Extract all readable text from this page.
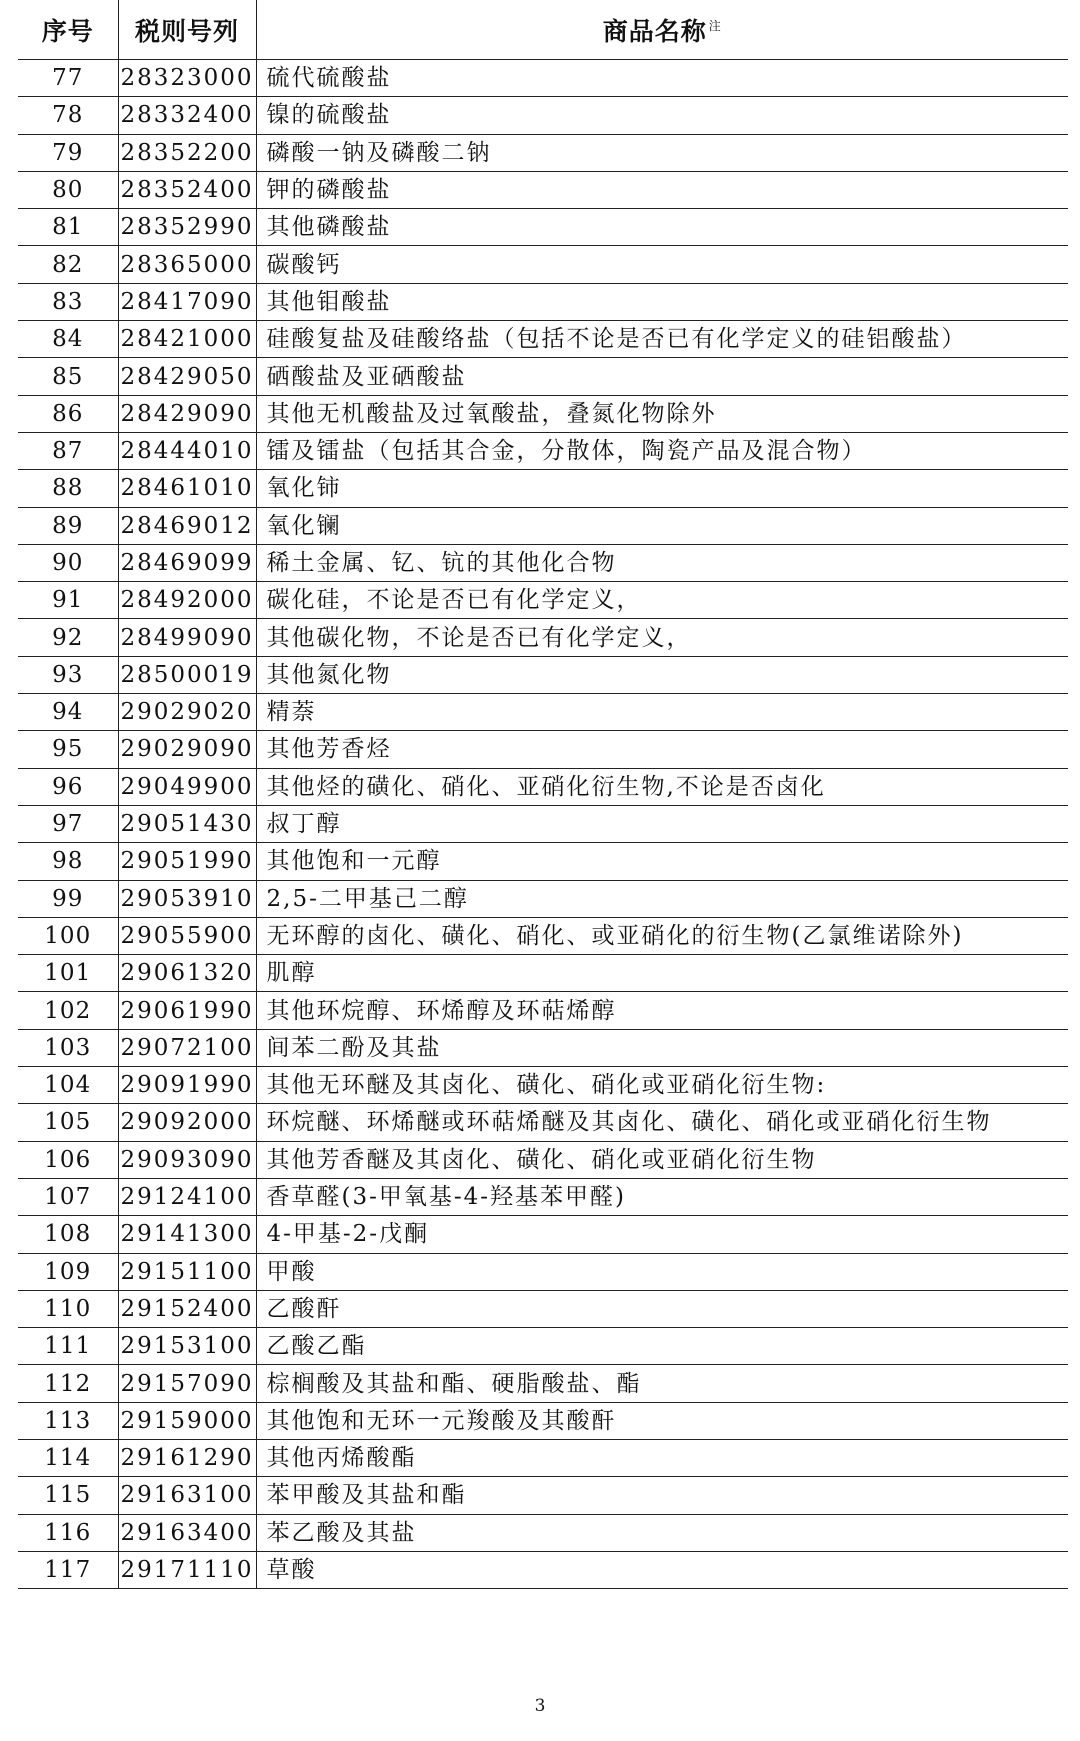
序号	税则号列	商品名称 $^注$
77	28323000	硫代硫酸盐
78	28332400	镍的硫酸盐
79	28352200	磷酸一钠及磷酸二钠
80	28352400	钾的磷酸盐
81	28352990	其他磷酸盐
82	28365000	碳酸钙
83	28417090	其他钼酸盐
84	28421000	硅酸复盐及硅酸络盐（包括不论是否已有化学定义的硅铝酸盐）
85	28429050	硒酸盐及亚硒酸盐
86	28429090	其他无机酸盐及过氧酸盐，叠氮化物除外
87	28444010	镭及镭盐（包括其合金，分散体，陶瓷产品及混合物）
88	28461010	氧化铈
89	28469012	氧化镧
90	28469099	稀土金属、钇、钪的其他化合物
91	28492000	碳化硅，不论是否已有化学定义，
92	28499090	其他碳化物，不论是否已有化学定义，
93	28500019	其他氮化物
94	29029020	精萘
95	29029090	其他芳香烃
96	29049900	其他烃的磺化、硝化、亚硝化衍生物,不论是否卤化
97	29051430	叔丁醇
98	29051990	其他饱和一元醇
99	29053910	2,5-二甲基己二醇
100	29055900	无环醇的卤化、磺化、硝化、或亚硝化的衍生物(乙氯维诺除外)
101	29061320	肌醇
102	29061990	其他环烷醇、环烯醇及环萜烯醇
103	29072100	间苯二酚及其盐
104	29091990	其他无环醚及其卤化、磺化、硝化或亚硝化衍生物:
105	29092000	环烷醚、环烯醚或环萜烯醚及其卤化、磺化、硝化或亚硝化衍生物
106	29093090	其他芳香醚及其卤化、磺化、硝化或亚硝化衍生物
107	29124100	香草醛(3-甲氧基-4-羟基苯甲醛)
108	29141300	4-甲基-2-戊酮
109	29151100	甲酸
110	29152400	乙酸酐
111	29153100	乙酸乙酯
112	29157090	棕榈酸及其盐和酯、硬脂酸盐、酯
113	29159000	其他饱和无环一元羧酸及其酸酐
114	29161290	其他丙烯酸酯
115	29163100	苯甲酸及其盐和酯
116	29163400	苯乙酸及其盐
117	29171110	草酸
3
